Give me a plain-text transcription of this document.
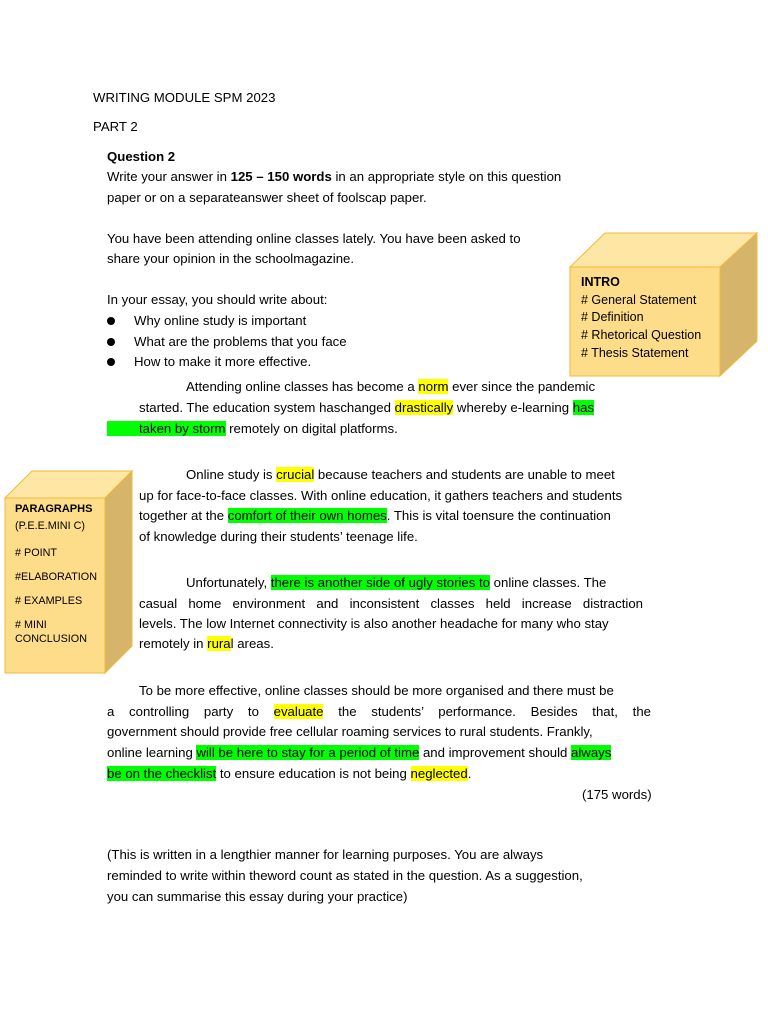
WRITING MODULE SPM 2023
PART 2
Question 2
Write your answer in 125 – 150 words in an appropriate style on this question
paper or on a separateanswer sheet of foolscap paper.
You have been attending online classes lately. You have been asked to
share your opinion in the schoolmagazine.
In your essay, you should write about:
Why online study is important
What are the problems that you face
How to make it more effective.
INTRO
# General Statement
# Definition
# Rhetorical Question
# Thesis Statement
PARAGRAPHS
(P.E.E.MINI C)
# POINT
#ELABORATION
# EXAMPLES
# MINI
CONCLUSION
Attending online classes has become a norm ever since the pandemic
started. The education system haschanged drastically whereby e-learning has
taken by storm remotely on digital platforms.
Online study is crucial because teachers and students are unable to meet
up for face-to-face classes. With online education, it gathers teachers and students
together at the comfort of their own homes. This is vital toensure the continuation
of knowledge during their students’ teenage life.
Unfortunately, there is another side of ugly stories to online classes. The
casual home environment and inconsistent classes held increase distraction
levels. The low Internet connectivity is also another headache for many who stay
remotely in rural areas.
To be more effective, online classes should be more organised and there must be
a controlling party to evaluate the students’ performance. Besides that, the
government should provide free cellular roaming services to rural students. Frankly,
online learning will be here to stay for a period of time and improvement should always
be on the checklist to ensure education is not being neglected.
(175 words)
(This is written in a lengthier manner for learning purposes. You are always
reminded to write within theword count as stated in the question. As a suggestion,
you can summarise this essay during your practice)
